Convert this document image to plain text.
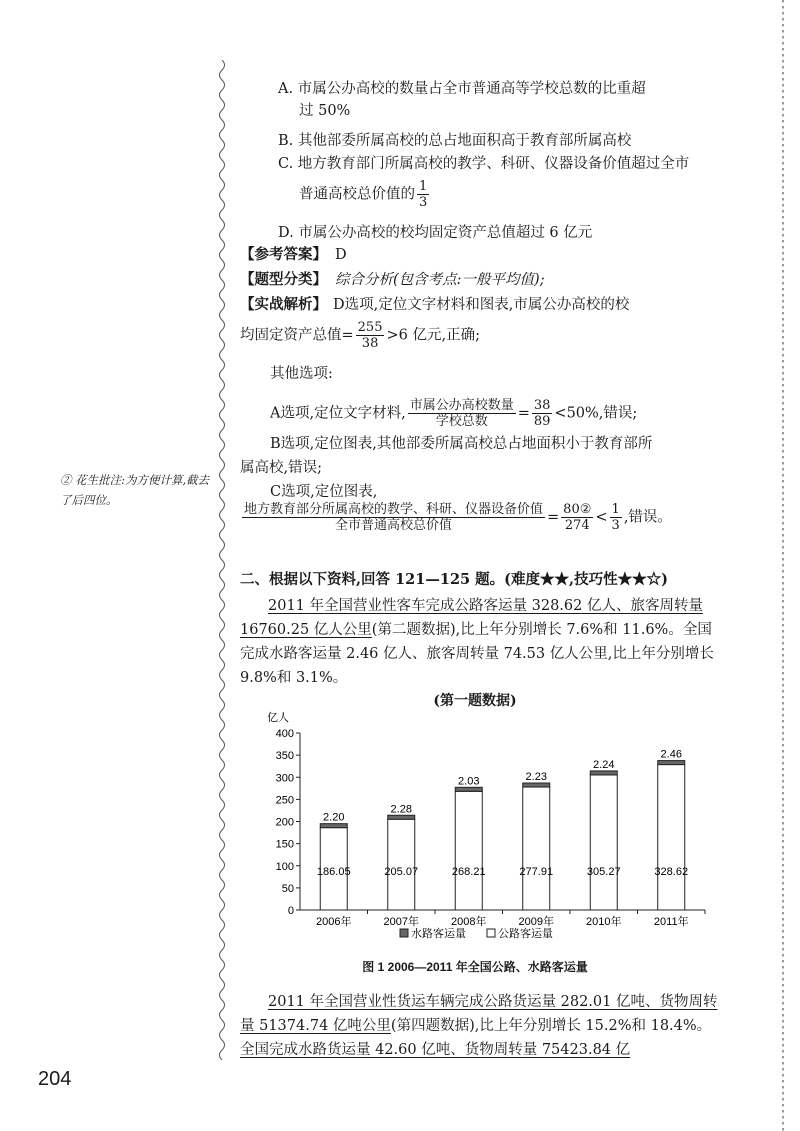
A. 市属公办高校的数量占全市普通高等学校总数的比重超
过 50%
B. 其他部委所属高校的总占地面积高于教育部所属高校
C. 地方教育部门所属高校的教学、科研、仪器设备价值超过全市
普通高校总价值的 $\frac{1}{3}$
D. 市属公办高校的校均固定资产总值超过 6 亿元
【参考答案】 D
【题型分类】 综合分析(包含考点:一般平均值);
【实战解析】 D选项,定位文字材料和图表,市属公办高校的校
均固定资产总值= $\frac{255}{38} >6$ 亿元,正确;
其他选项:
A选项,定位文字材料, $\frac{\text{市属公办高校数量}}{\text{学校总数}} = \frac{38}{89} <50\%$,错误;
B选项,定位图表,其他部委所属高校总占地面积小于教育部所
属高校,错误;
C选项,定位图表,
$\frac{\text{地方教育部分所属高校的教学、科研、仪器设备价值}}{\text{全市普通高校总价值}} = \frac{\text{80②}}{274} < \frac{1}{3}$ ,错误。
② 花生批注:为方便计算,截去了后四位。
二、根据以下资料,回答 121—125 题。(难度★★,技巧性★★☆)
2011 年全国营业性客车完成公路客运量 328.62 亿人、旅客周转量 16760.25 亿人公里(第二题数据),比上年分别增长 7.6%和 11.6%。全国完成水路客运量 2.46 亿人、旅客周转量 74.53 亿人公里,比上年分别增长 9.8%和 3.1%。
(第一题数据)
亿人
0
50
100
150
200
250
300
350
400
186.05
2.20
205.07
2.28
268.21
2.03
277.91
2.23
305.27
2.24
328.62
2.46
2006年	2007年	2008年	2009年	2010年	2011年
水路客运量	公路客运量
图 1 2006—2011 年全国公路、水路客运量
2011 年全国营业性货运车辆完成公路货运量 282.01 亿吨、货物周转量 51374.74 亿吨公里(第四题数据),比上年分别增长 15.2%和 18.4%。全国完成水路货运量 42.60 亿吨、货物周转量 75423.84 亿
204
